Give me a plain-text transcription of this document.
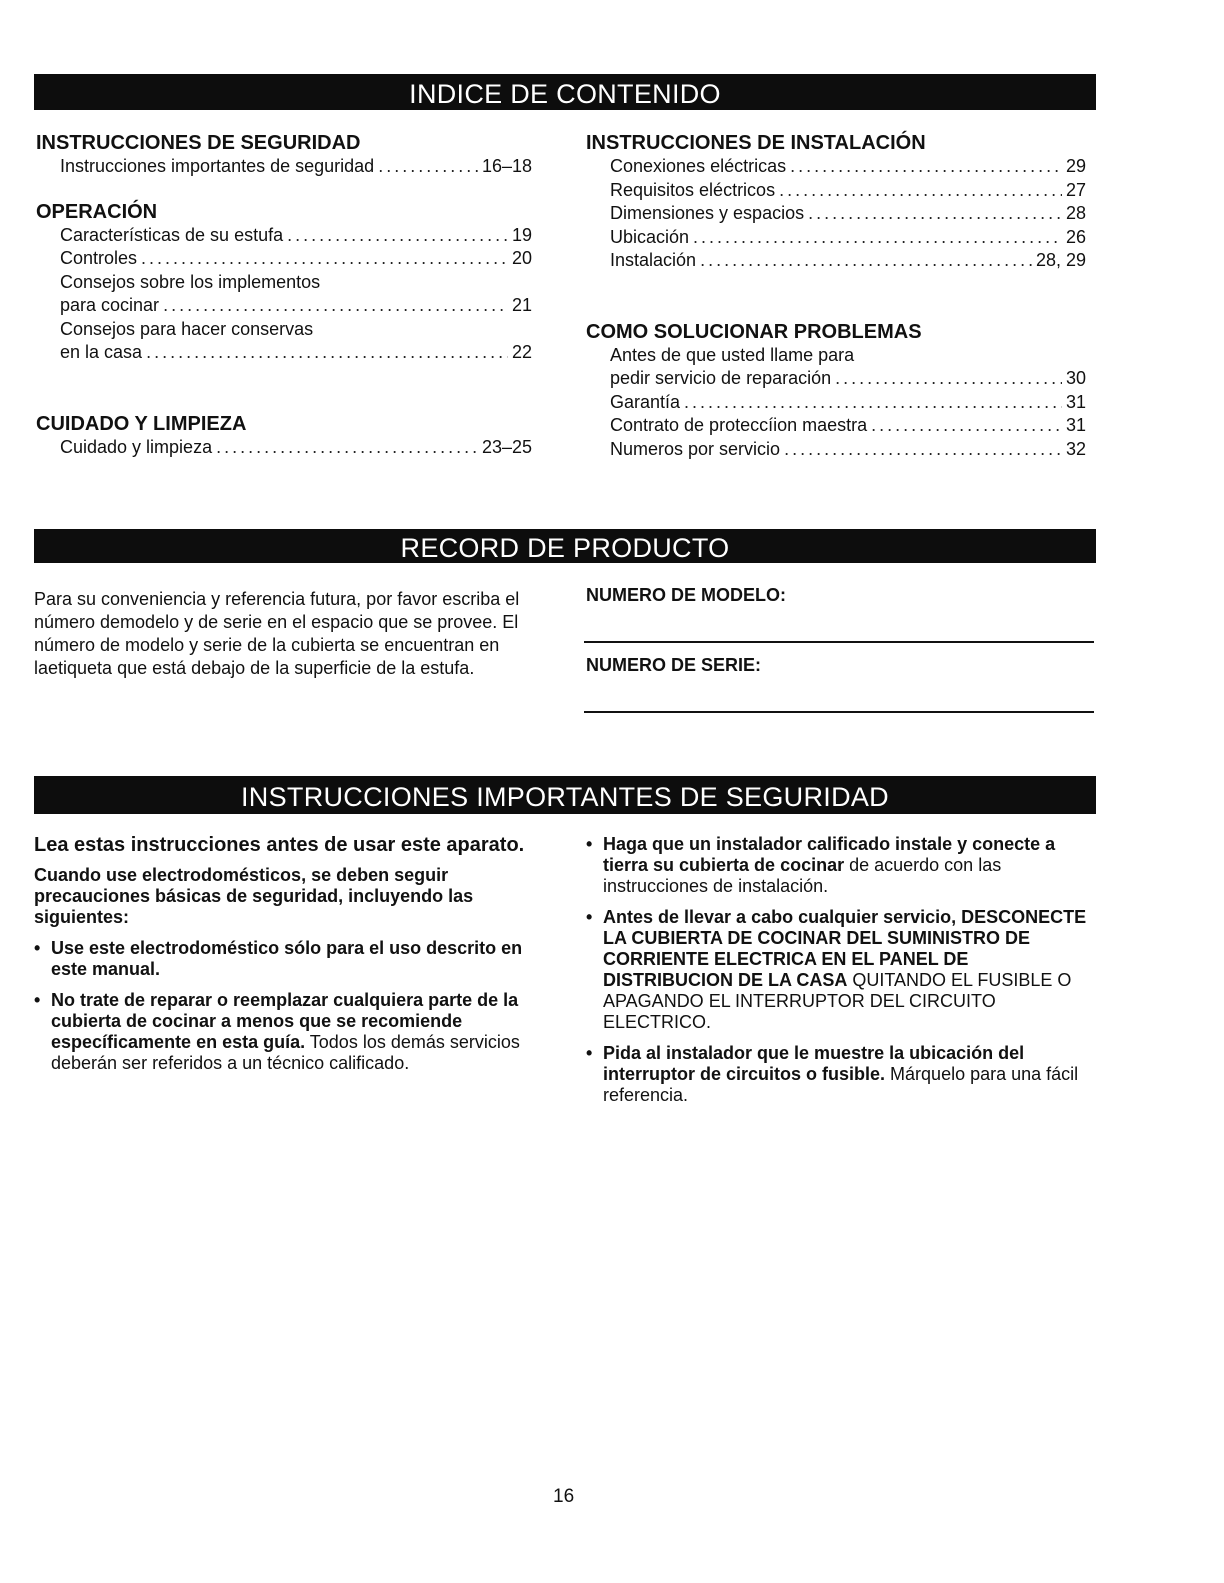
INDICE DE CONTENIDO
INSTRUCCIONES DE SEGURIDAD
Instrucciones importantes de seguridad .....	16–18
OPERACIÓN
Características de su estufa .....	19
Controles .....	20
Consejos sobre los implementos
para cocinar .....	21
Consejos para hacer conservas
en la casa .....	22
CUIDADO Y LIMPIEZA
Cuidado y limpieza .....	23–25
INSTRUCCIONES DE INSTALACIÓN
Conexiones eléctricas .....	29
Requisitos eléctricos .....	27
Dimensiones y espacios .....	28
Ubicación .....	26
Instalación .....	28, 29
COMO SOLUCIONAR PROBLEMAS
Antes de que usted llame para
pedir servicio de reparación .....	30
Garantía .....	31
Contrato de proteccíion maestra .....	31
Numeros por servicio .....	32
RECORD DE PRODUCTO
Para su conveniencia y referencia futura, por favor escriba el número demodelo y de serie en el espacio que se provee. El número de modelo y serie de la cubierta se encuentran en laetiqueta que está debajo de la superficie de la estufa.
NUMERO DE MODELO:
NUMERO DE SERIE:
INSTRUCCIONES IMPORTANTES DE SEGURIDAD

Lea estas instrucciones antes de usar este aparato.

Cuando use electrodomésticos, se deben seguir precauciones básicas de seguridad, incluyendo las siguientes:

• Use este electrodoméstico sólo para el uso descrito en este manual.
• No trate de reparar o reemplazar cualquiera parte de la cubierta de cocinar a menos que se recomiende específicamente en esta guía. Todos los demás servicios deberán ser referidos a un técnico calificado.
• Haga que un instalador calificado instale y conecte a tierra su cubierta de cocinar de acuerdo con las instrucciones de instalación.
• Antes de llevar a cabo cualquier servicio, DESCONECTE LA CUBIERTA DE COCINAR DEL SUMINISTRO DE CORRIENTE ELECTRICA EN EL PANEL DE DISTRIBUCION DE LA CASA QUITANDO EL FUSIBLE O APAGANDO EL INTERRUPTOR DEL CIRCUITO ELECTRICO.
• Pida al instalador que le muestre la ubicación del interruptor de circuitos o fusible. Márquelo para una fácil referencia.
16
